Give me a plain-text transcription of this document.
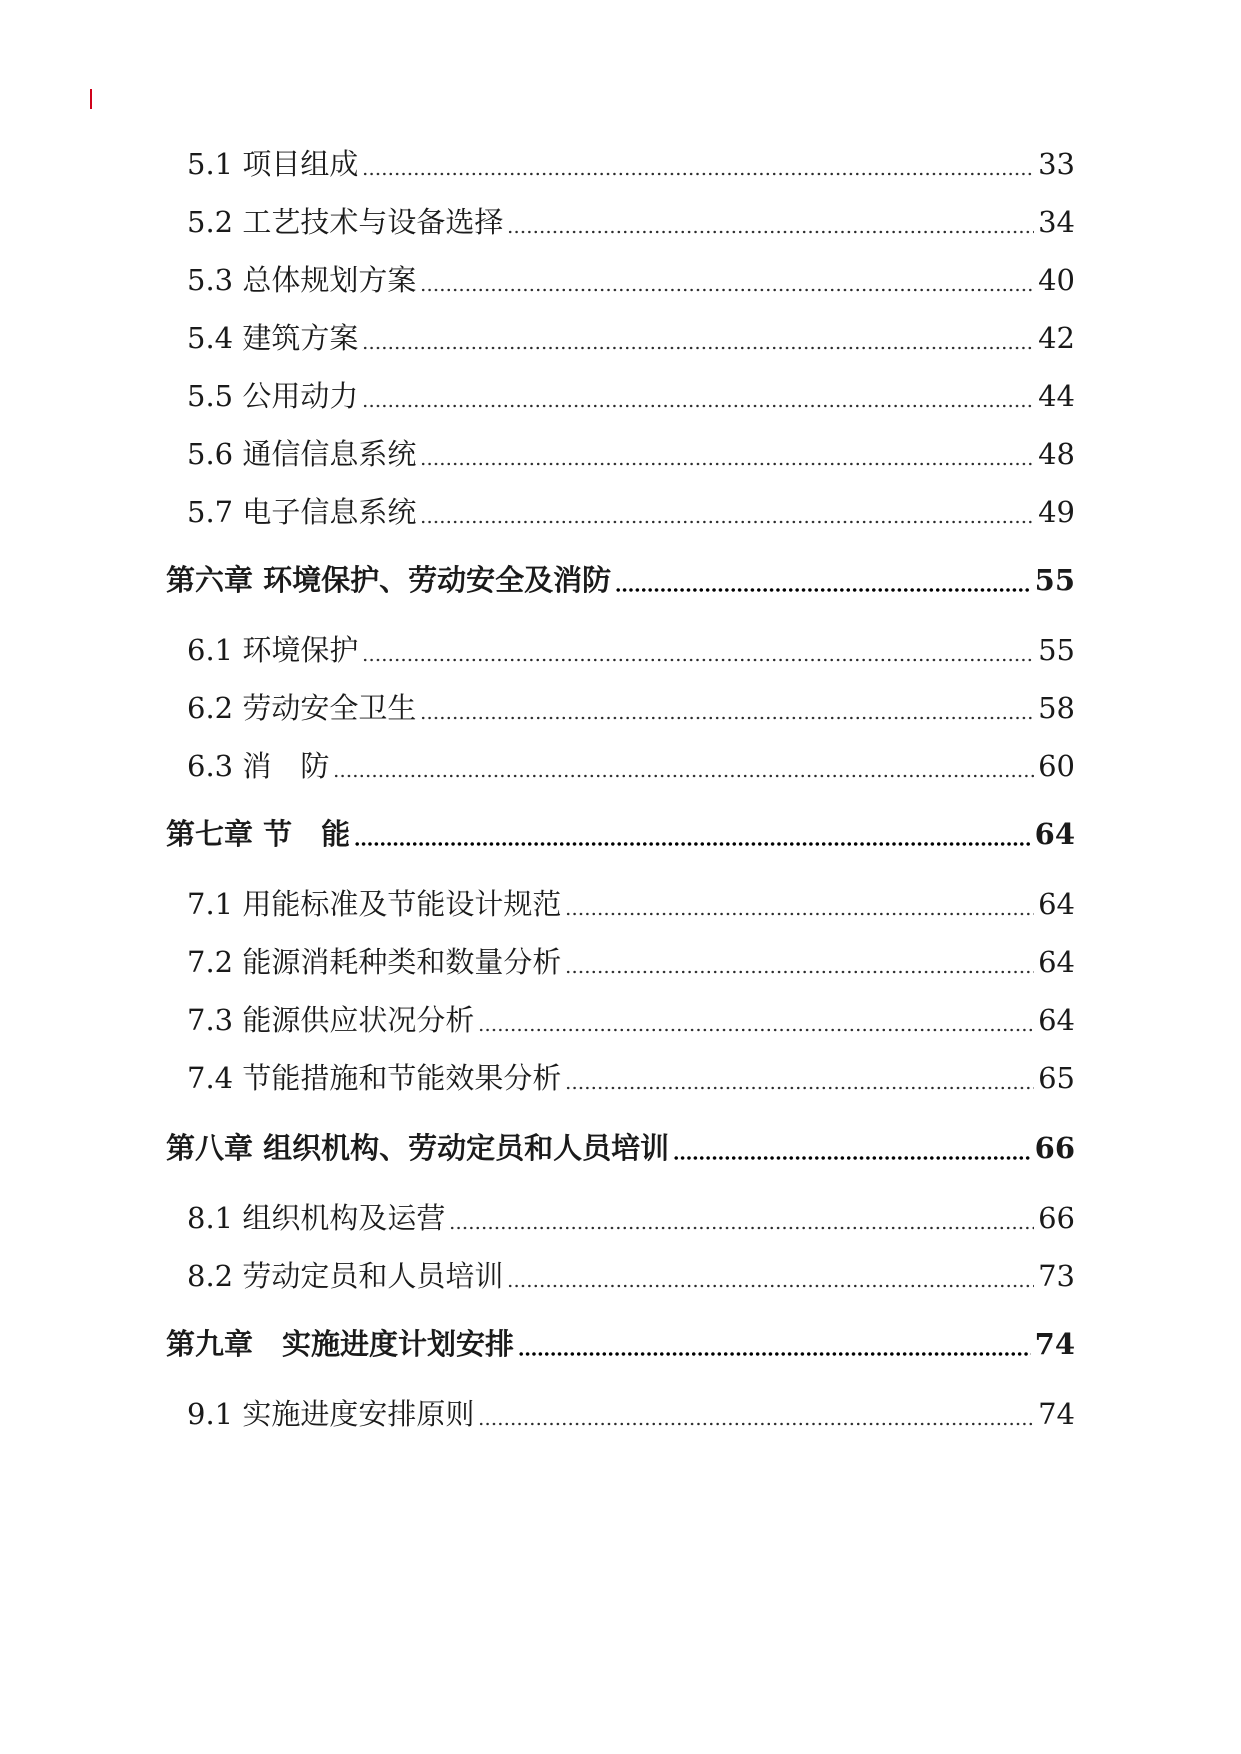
5.1 项目组成	33
5.2 工艺技术与设备选择	34
5.3 总体规划方案	40
5.4 建筑方案	42
5.5 公用动力	44
5.6 通信信息系统	48
5.7 电子信息系统	49
第六章 环境保护、劳动安全及消防	55
6.1 环境保护	55
6.2 劳动安全卫生	58
6.3 消　防	60
第七章 节　能	64
7.1 用能标准及节能设计规范	64
7.2 能源消耗种类和数量分析	64
7.3 能源供应状况分析	64
7.4 节能措施和节能效果分析	65
第八章 组织机构、劳动定员和人员培训	66
8.1 组织机构及运营	66
8.2 劳动定员和人员培训	73
第九章　实施进度计划安排	74
9.1 实施进度安排原则	74
